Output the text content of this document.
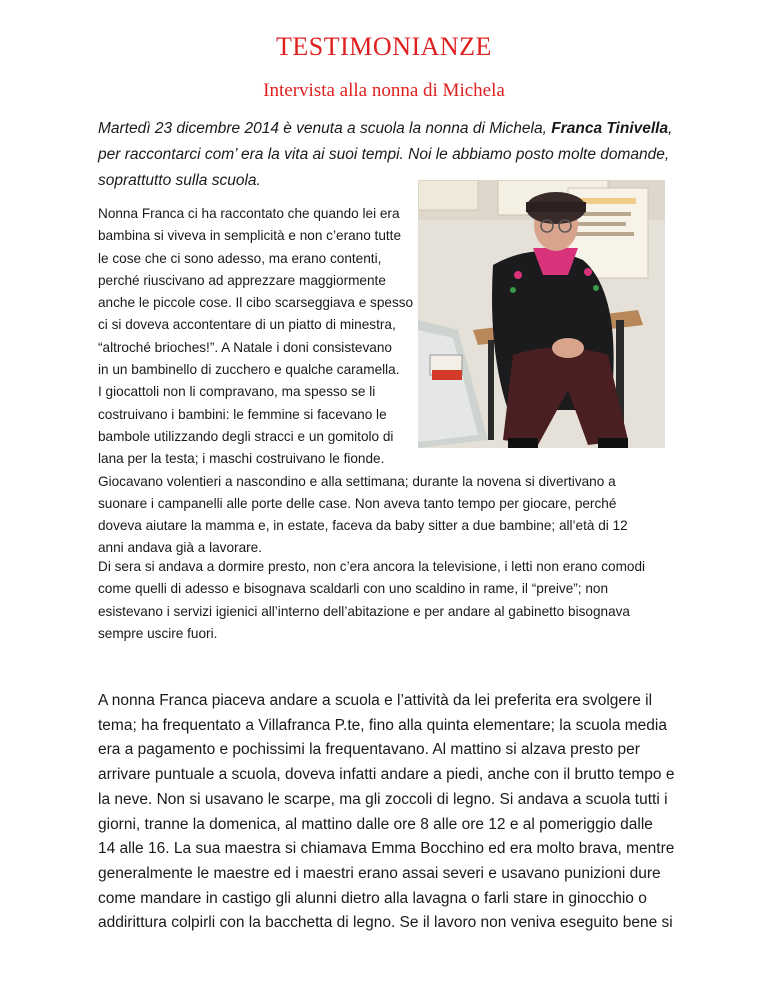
TESTIMONIANZE
Intervista alla nonna di Michela
Martedì 23 dicembre 2014 è venuta a scuola la nonna di Michela, Franca Tinivella,
per raccontarci com’ era la vita ai suoi tempi. Noi le abbiamo posto molte domande,
soprattutto sulla scuola.
Nonna Franca ci ha raccontato che quando lei era
bambina si viveva in semplicità e non c’erano tutte
le cose che ci sono adesso, ma erano contenti,
perché riuscivano ad apprezzare maggiormente
anche le piccole cose. Il cibo scarseggiava e spesso
ci si doveva accontentare di un piatto di minestra,
“altroché brioches!”. A Natale i doni consistevano
in un bambinello di zucchero e qualche caramella.
I giocattoli non li compravano, ma spesso se li
costruivano i bambini: le femmine si facevano le
bambole utilizzando degli stracci e un gomitolo di
lana per la testa; i maschi costruivano le fionde.
Giocavano volentieri a nascondino e alla settimana; durante la novena si divertivano a
suonare i campanelli alle porte delle case. Non aveva tanto tempo per giocare, perché
doveva aiutare la mamma e, in estate, faceva da baby sitter a due bambine; all’età di 12
anni andava già a lavorare.
Di sera si andava a dormire presto, non c’era ancora la televisione, i letti non erano comodi
come quelli di adesso e bisognava scaldarli con uno scaldino in rame, il “preive”; non
esistevano i servizi igienici all’interno dell’abitazione e per andare al gabinetto bisognava
sempre uscire fuori.
A nonna Franca piaceva andare a scuola e l’attività da lei preferita era svolgere il
tema; ha frequentato a Villafranca P.te, fino alla quinta elementare; la scuola media
era a pagamento e pochissimi la frequentavano. Al mattino si alzava presto per
arrivare puntuale a scuola, doveva infatti andare a piedi, anche con il brutto tempo e
la neve. Non si usavano le scarpe, ma gli zoccoli di legno. Si andava a scuola tutti i
giorni, tranne la domenica, al mattino dalle ore 8 alle ore 12 e al pomeriggio dalle
14 alle 16. La sua maestra si chiamava Emma Bocchino ed era molto brava, mentre
generalmente le maestre ed i maestri erano assai severi e usavano punizioni dure
come mandare in castigo gli alunni dietro alla lavagna o farli stare in ginocchio o
addirittura colpirli con la bacchetta di legno. Se il lavoro non veniva eseguito bene si
